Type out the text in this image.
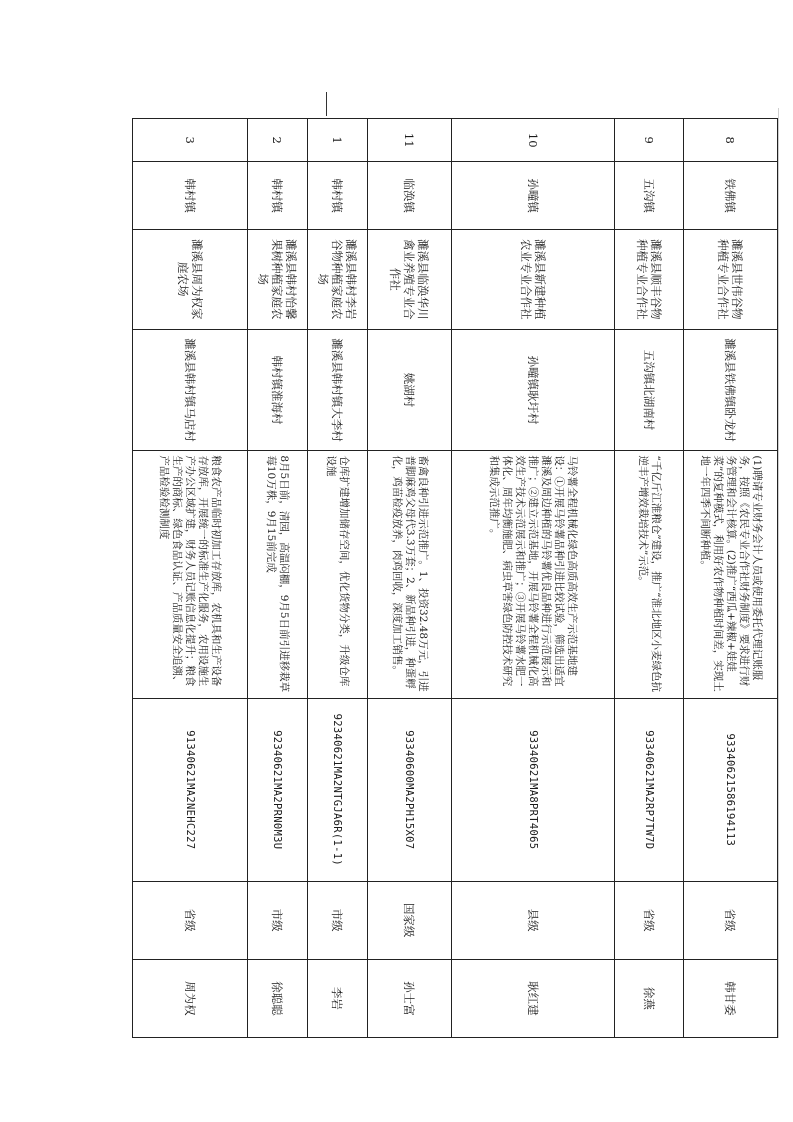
8	铁佛镇	濉溪县世伟谷物种植专业合作社	濉溪县铁佛镇卧龙村	(1)聘请专业财务会计人员或使用委托代理记账服务，按照《农民专业合作社财务制度》要求进行财务管理和会计核算。(2)推广“西瓜+辣椒+娃娃菜”的复种模式，利用好农作物种植时间差，实现土地一年四季不间断种植。	93340621586194113	省级	韩甘委
9	五沟镇	濉溪县顺丰谷物种植专业合作社	五沟镇北湖南村	“千亿斤江淮粮仓”建设，推广“淮北地区小麦绿色抗逆丰产增效栽培技术”示范。	93340621MA2RP7TW7D	省级	徐燕
10	孙疃镇	濉溪县新建种植农业专业合作社	孙疃镇耿圩村	马铃薯全程机械化绿色高质高效生产示范基地建设：①开展马铃薯品种引进比较试验，筛选出适宜濉溪及周边种植的马铃薯优良品种进行示范展示和推广；②建立示范基地，开展马铃薯全程机械化高效生产技术示范展示和推广；③开展马铃薯水肥一体化、周年均衡施肥、病虫草害绿色防控技术研究和集成示范推广。	93340621MA8PRT4065	县级	耿红建
11	临涣镇	濉溪县临涣华川禽业养殖专业合作社	姚湖村	畜禽良种引进示范推广。1、投资32.48万元，引进普脚麻鸡父母代3.3万套；2、新品种引进，种蛋孵化，鸡苗检疫放养，肉鸡回收，深度加工销售。	93340600MA2PH15X07	国家级	孙士富
1	韩村镇	濉溪县韩村李岩谷物种植家庭农场	濉溪县韩村镇大李村	仓库扩建增加储存空间，优化货物分类，升级仓库设施	92340621MA2NTGJA6R(1-1)	市级	李岩
2	韩村镇	濉溪县韩村怡馨果树种植家庭农场	韩村镇淮海村	8月5日前，清园，高温闷棚，9月5日前引进移栽草莓10万株，9月15前完成	92340621MA2PRN0M3U	市级	徐聪聪
3	韩村镇	濉溪县周为权家庭农场	濉溪县韩村镇马店村	粮食农产品临时初加工存放库，农机具和生产设备存放库，开展统一的标准生产化服务，农用设施生产办公区域扩建，财务人员记账信息化提升；粮食生产的商标、绿色食品认证、产品质量安全追溯、产品检验检测制度	91340621MA2NEHC227	省级	周为权
